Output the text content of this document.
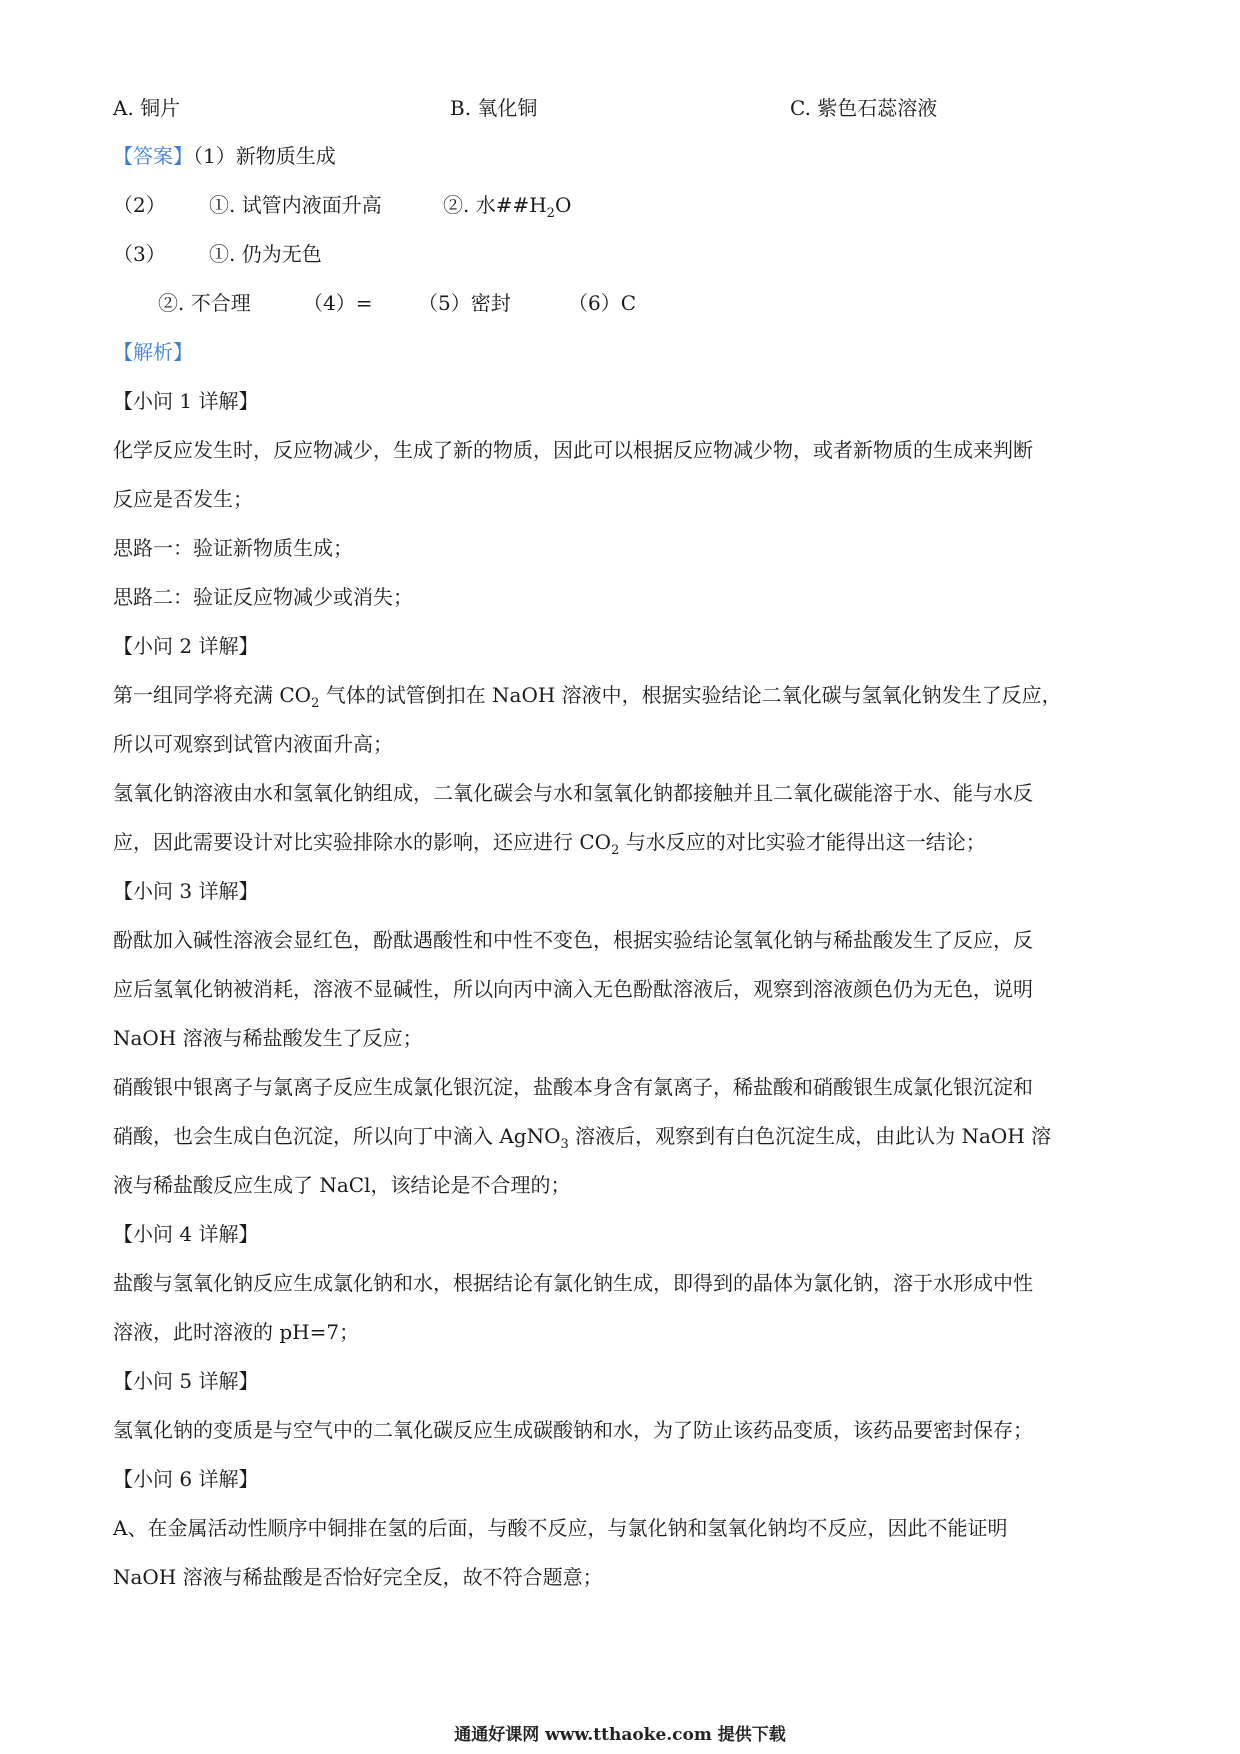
A. 铜片	B. 氧化铜	C. 紫色石蕊溶液
【答案】（1）新物质生成
（2） ①. 试管内液面升高	②. 水$\#\#H_2O$
（3） ①. 仍为无色
②. 不合理	（4）= （5）密封	（6）C
【解析】
【小问 1 详解】
化学反应发生时，反应物减少，生成了新的物质，因此可以根据反应物减少物，或者新物质的生成来判断
反应是否发生；
思路一：验证新物质生成；
思路二：验证反应物减少或消失；
【小问 2 详解】
第一组同学将充满 $CO_2$ 气体的试管倒扣在 NaOH 溶液中，根据实验结论二氧化碳与氢氧化钠发生了反应，
所以可观察到试管内液面升高；
氢氧化钠溶液由水和氢氧化钠组成，二氧化碳会与水和氢氧化钠都接触并且二氧化碳能溶于水、能与水反
应，因此需要设计对比实验排除水的影响，还应进行 $CO_2$ 与水反应的对比实验才能得出这一结论；
【小问 3 详解】
酚酞加入碱性溶液会显红色，酚酞遇酸性和中性不变色，根据实验结论氢氧化钠与稀盐酸发生了反应，反
应后氢氧化钠被消耗，溶液不显碱性，所以向丙中滴入无色酚酞溶液后，观察到溶液颜色仍为无色，说明
NaOH 溶液与稀盐酸发生了反应；
硝酸银中银离子与氯离子反应生成氯化银沉淀，盐酸本身含有氯离子，稀盐酸和硝酸银生成氯化银沉淀和
硝酸，也会生成白色沉淀，所以向丁中滴入 AgNO$_3$ 溶液后，观察到有白色沉淀生成，由此认为 NaOH 溶
液与稀盐酸反应生成了 NaCl，该结论是不合理的；
【小问 4 详解】
盐酸与氢氧化钠反应生成氯化钠和水，根据结论有氯化钠生成，即得到的晶体为氯化钠，溶于水形成中性
溶液，此时溶液的 pH=7；
【小问 5 详解】
氢氧化钠的变质是与空气中的二氧化碳反应生成碳酸钠和水，为了防止该药品变质，该药品要密封保存；
【小问 6 详解】
A、在金属活动性顺序中铜排在氢的后面，与酸不反应，与氯化钠和氢氧化钠均不反应，因此不能证明
NaOH 溶液与稀盐酸是否恰好完全反，故不符合题意；
通通好课网 www.tthaoke.com 提供下载
